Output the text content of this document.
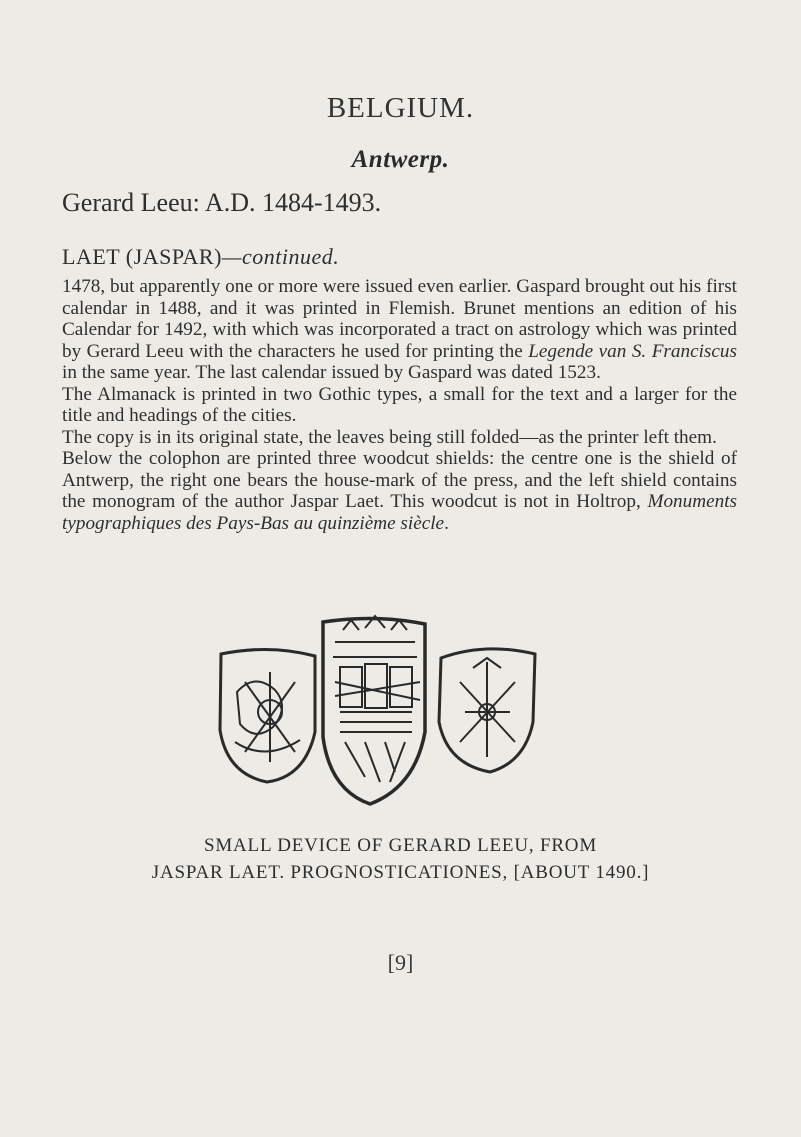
BELGIUM.
Antwerp.
Gerard Leeu: A.D. 1484-1493.
LAET (JASPAR)—continued.

1478, but apparently one or more were issued even earlier. Gaspard brought out his first calendar in 1488, and it was printed in Flemish. Brunet mentions an edition of his Calendar for 1492, with which was incorporated a tract on astrology which was printed by Gerard Leeu with the characters he used for printing the Legende van S. Franciscus in the same year. The last calendar issued by Gaspard was dated 1523.

The Almanack is printed in two Gothic types, a small for the text and a larger for the title and headings of the cities.

The copy is in its original state, the leaves being still folded—as the printer left them.

Below the colophon are printed three woodcut shields: the centre one is the shield of Antwerp, the right one bears the house-mark of the press, and the left shield contains the monogram of the author Jaspar Laet. This woodcut is not in Holtrop, Monuments typographiques des Pays-Bas au quinzième siècle.

SMALL DEVICE OF GERARD LEEU, FROM
JASPAR LAET. PROGNOSTICATIONES, [ABOUT 1490.]
[9]
